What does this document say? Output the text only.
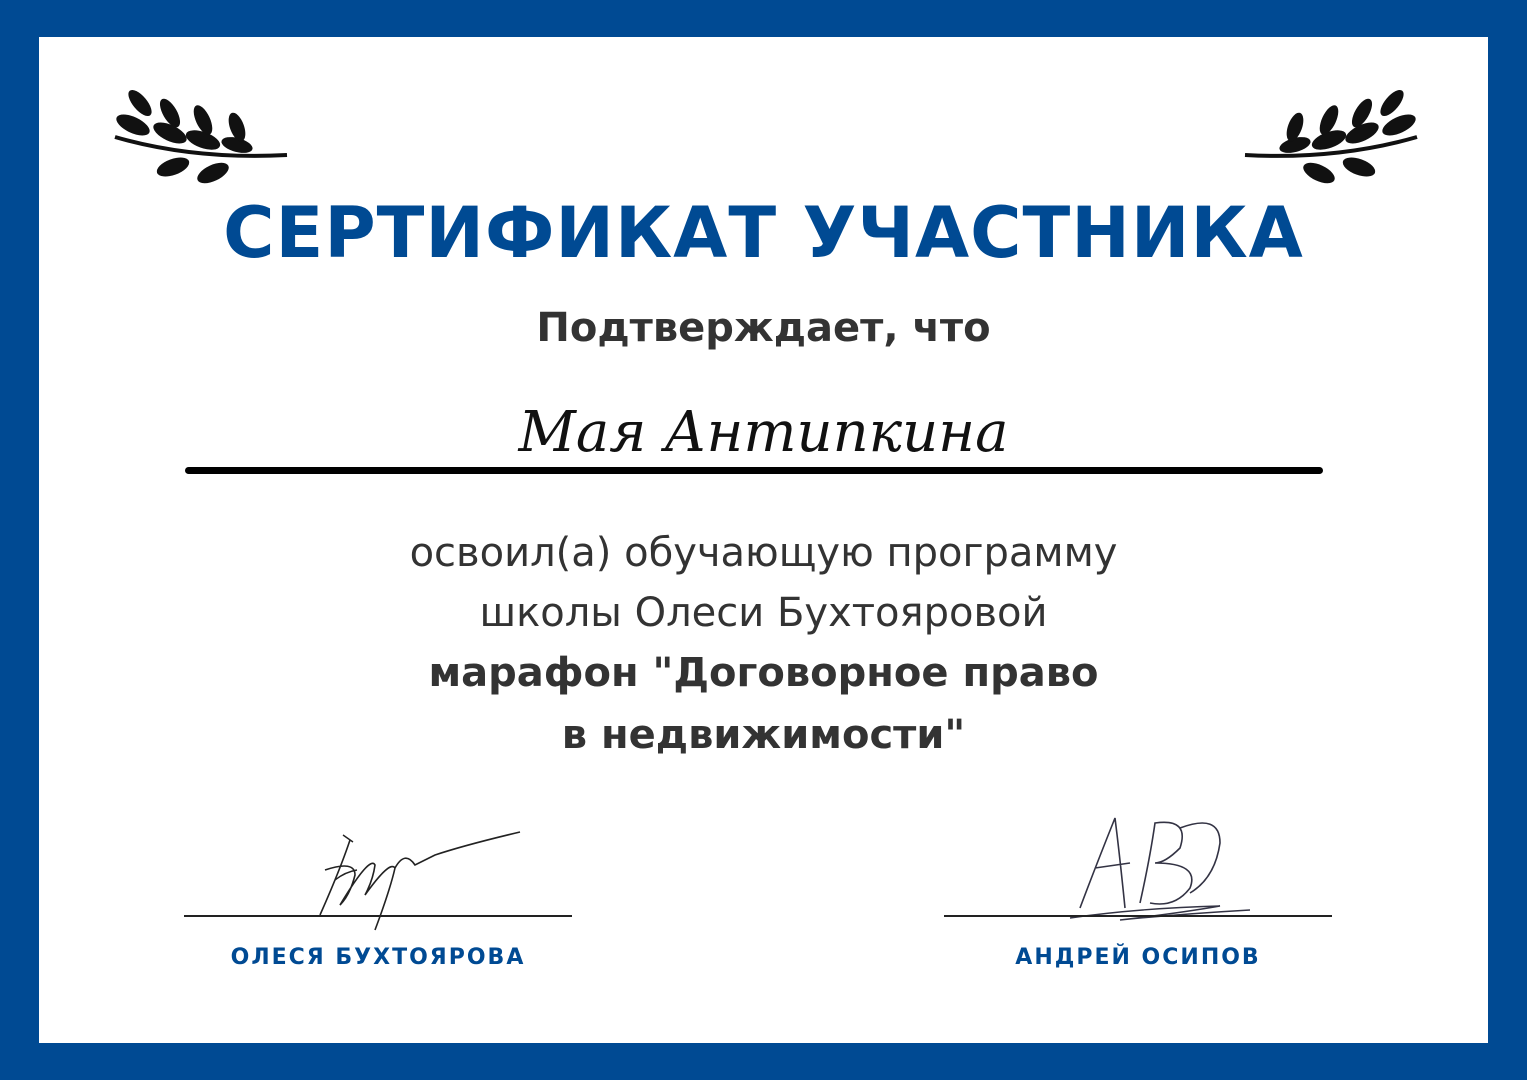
СЕРТИФИКАТ УЧАСТНИКА
Подтверждает, что
Мая Антипкина
освоил(а) обучающую программу
школы Олеси Бухтояровой
марафон "Договорное право
в недвижимости"
ОЛЕСЯ БУХТОЯРОВА	АНДРЕЙ ОСИПОВ
